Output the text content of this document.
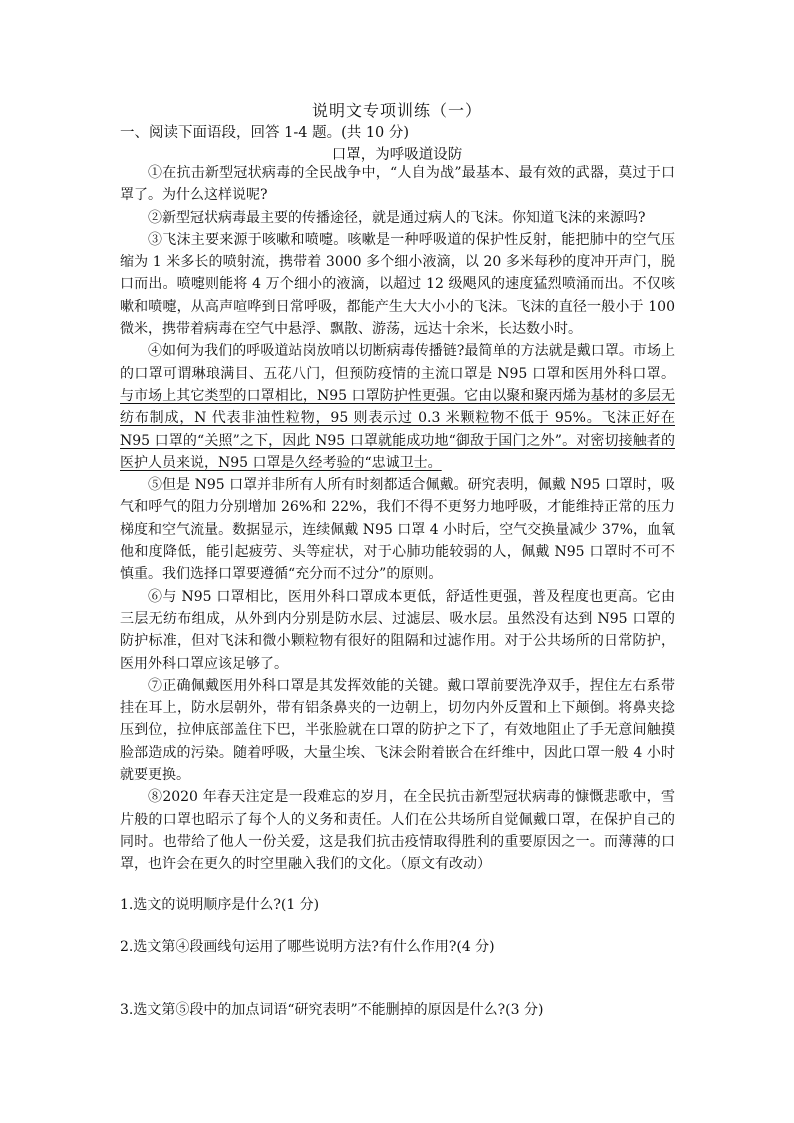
说明文专项训练（一）
一、阅读下面语段，回答 1-4 题。(共 10 分)
口罩，为呼吸道设防

①在抗击新型冠状病毒的全民战争中，“人自为战”最基本、最有效的武器，莫过于口罩了。为什么这样说呢?

②新型冠状病毒最主要的传播途径，就是通过病人的飞沫。你知道飞沫的来源吗?

③飞沫主要来源于咳嗽和喷嚏。咳嗽是一种呼吸道的保护性反射，能把肺中的空气压缩为 1 米多长的喷射流，携带着 3000 多个细小液滴，以 20 多米每秒的度冲开声门，脱口而出。喷嚏则能将 4 万个细小的液滴，以超过 12 级飓风的速度猛烈喷涌而出。不仅咳嗽和喷嚏，从高声喧哗到日常呼吸，都能产生大大小小的飞沫。飞沫的直径一般小于 100 微米，携带着病毒在空气中悬浮、飘散、游荡，远达十余米，长达数小时。

④如何为我们的呼吸道站岗放哨以切断病毒传播链?最简单的方法就是戴口罩。市场上的口罩可谓琳琅满目、五花八门，但预防疫情的主流口罩是 N95 口罩和医用外科口罩。与市场上其它类型的口罩相比，N95 口罩防护性更强。它由以聚和聚丙烯为基材的多层无纺布制成，N 代表非油性粒物，95 则表示过 0.3 米颗粒物不低于 95%。飞沫正好在 N95 口罩的“关照”之下，因此 N95 口罩就能成功地“御敌于国门之外”。对密切接触者的医护人员来说，N95 口罩是久经考验的“忠诚卫士。

⑤但是 N95 口罩并非所有人所有时刻都适合佩戴。研究表明，佩戴 N95 口罩时，吸气和呼气的阻力分别增加 26%和 22%，我们不得不更努力地呼吸，才能维持正常的压力梯度和空气流量。数据显示，连续佩戴 N95 口罩 4 小时后，空气交换量减少 37%，血氧他和度降低，能引起疲劳、头等症状，对于心肺功能较弱的人，佩戴 N95 口罩时不可不慎重。我们选择口罩要遵循“充分而不过分”的原则。

⑥与 N95 口罩相比，医用外科口罩成本更低，舒适性更强，普及程度也更高。它由三层无纺布组成，从外到内分别是防水层、过滤层、吸水层。虽然没有达到 N95 口罩的防护标准，但对飞沫和微小颗粒物有很好的阻隔和过滤作用。对于公共场所的日常防护，医用外科口罩应该足够了。

⑦正确佩戴医用外科口罩是其发挥效能的关键。戴口罩前要洗净双手，捏住左右系带挂在耳上，防水层朝外，带有铝条鼻夹的一边朝上，切勿内外反置和上下颠倒。将鼻夹捻压到位，拉伸底部盖住下巴，半张脸就在口罩的防护之下了，有效地阻止了手无意间触摸脸部造成的污染。随着呼吸，大量尘埃、飞沫会附着嵌合在纤维中，因此口罩一般 4 小时就要更换。

⑧2020 年春天注定是一段难忘的岁月，在全民抗击新型冠状病毒的慷慨悲歌中，雪片般的口罩也昭示了每个人的义务和责任。人们在公共场所自觉佩戴口罩，在保护自己的同时。也带给了他人一份关爱，这是我们抗击疫情取得胜利的重要原因之一。而薄薄的口罩，也许会在更久的时空里融入我们的文化。（原文有改动）

1.选文的说明顺序是什么?(1 分)
2.选文第④段画线句运用了哪些说明方法?有什么作用?(4 分)
3.选文第⑤段中的加点词语“研究表明”不能删掉的原因是什么?(3 分)
